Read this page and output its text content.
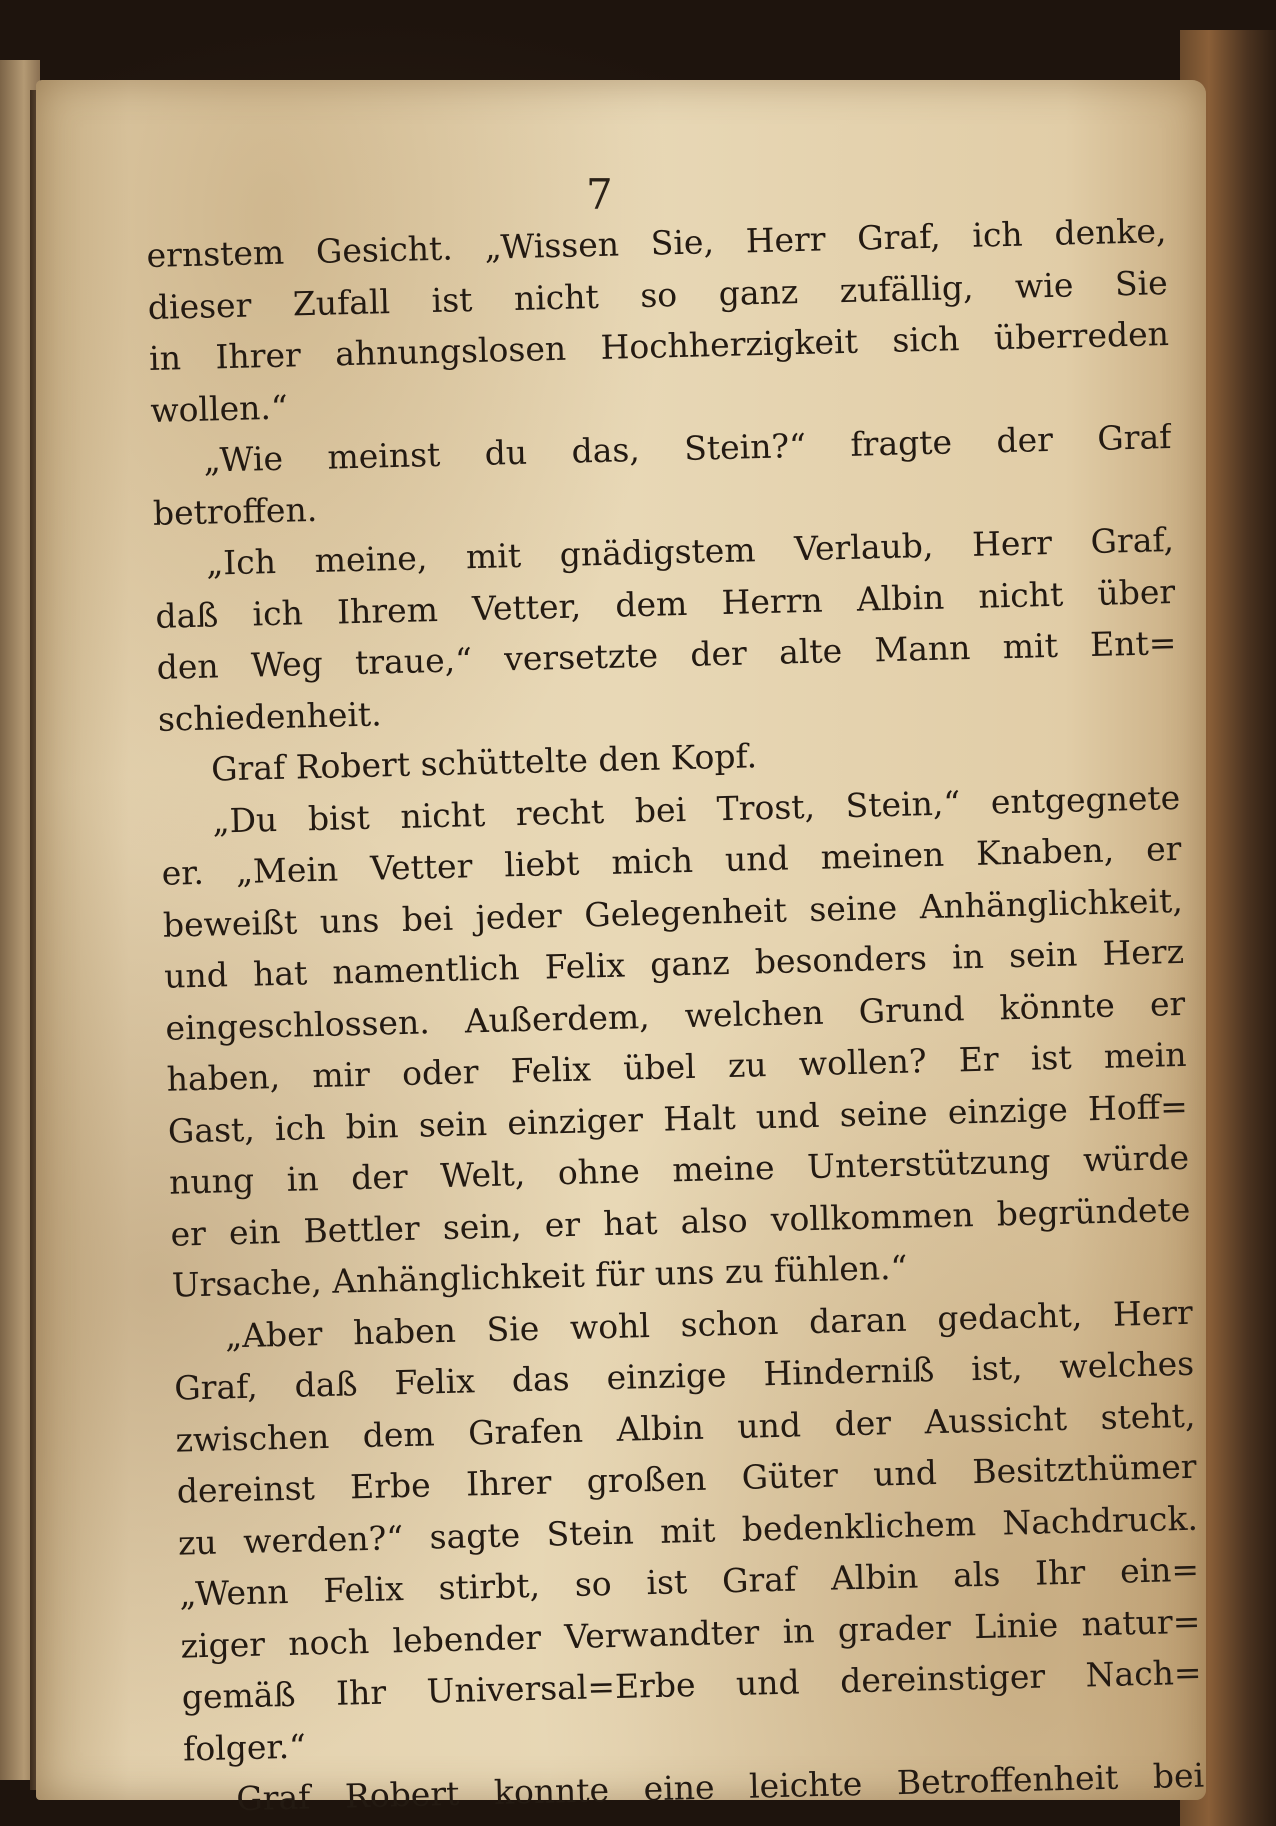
7
ernstem Gesicht. „Wissen Sie, Herr Graf, ich denke,
dieser Zufall ist nicht so ganz zufällig, wie Sie
in Ihrer ahnungslosen Hochherzigkeit sich überreden
wollen.“
„Wie meinst du das, Stein?“ fragte der Graf
betroffen.
„Ich meine, mit gnädigstem Verlaub, Herr Graf,
daß ich Ihrem Vetter, dem Herrn Albin nicht über
den Weg traue,“ versetzte der alte Mann mit Ent=
schiedenheit.
Graf Robert schüttelte den Kopf.
„Du bist nicht recht bei Trost, Stein,“ entgegnete
er. „Mein Vetter liebt mich und meinen Knaben, er
beweißt uns bei jeder Gelegenheit seine Anhänglichkeit,
und hat namentlich Felix ganz besonders in sein Herz
eingeschlossen. Außerdem, welchen Grund könnte er
haben, mir oder Felix übel zu wollen? Er ist mein
Gast, ich bin sein einziger Halt und seine einzige Hoff=
nung in der Welt, ohne meine Unterstützung würde
er ein Bettler sein, er hat also vollkommen begründete
Ursache, Anhänglichkeit für uns zu fühlen.“
„Aber haben Sie wohl schon daran gedacht, Herr
Graf, daß Felix das einzige Hinderniß ist, welches
zwischen dem Grafen Albin und der Aussicht steht,
dereinst Erbe Ihrer großen Güter und Besitzthümer
zu werden?“ sagte Stein mit bedenklichem Nachdruck.
„Wenn Felix stirbt, so ist Graf Albin als Ihr ein=
ziger noch lebender Verwandter in grader Linie natur=
gemäß Ihr Universal=Erbe und dereinstiger Nach=
folger.“
Graf Robert konnte eine leichte Betroffenheit bei
